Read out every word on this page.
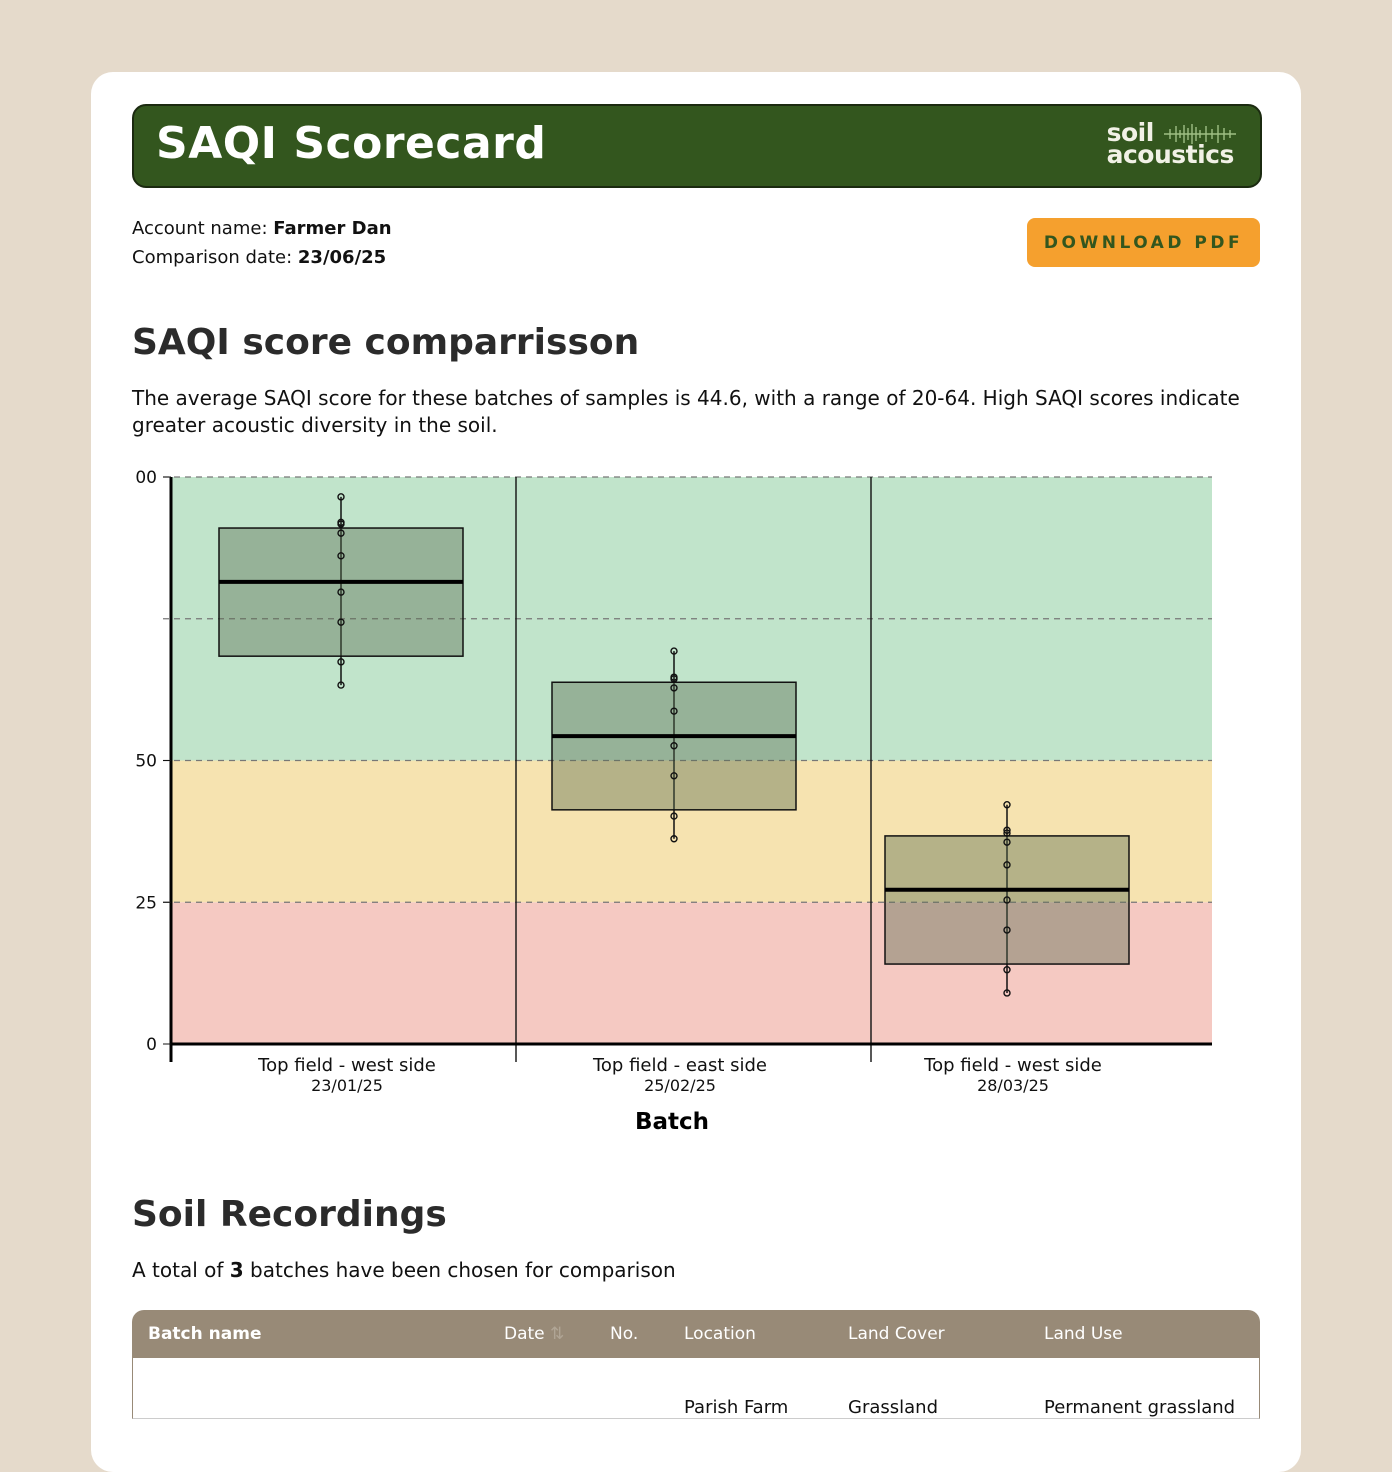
SAQI Scorecard	soil
acoustics
Account name: Farmer Dan
Comparison date: 23/06/25
DOWNLOAD PDF
SAQI score comparrisson
The average SAQI score for these batches of samples is 44.6, with a range of 20-64. High SAQI scores indicate greater acoustic diversity in the soil.
Top field - west side
23/01/25
Top field - east side
25/02/25
Top field - west side
28/03/25
0
25
50
00
Batch
Soil Recordings
A total of 3 batches have been chosen for comparison
Batch name	Date ⇅	No.	Location	Land Cover	Land Use
			Parish Farm	Grassland	Permanent grassland
